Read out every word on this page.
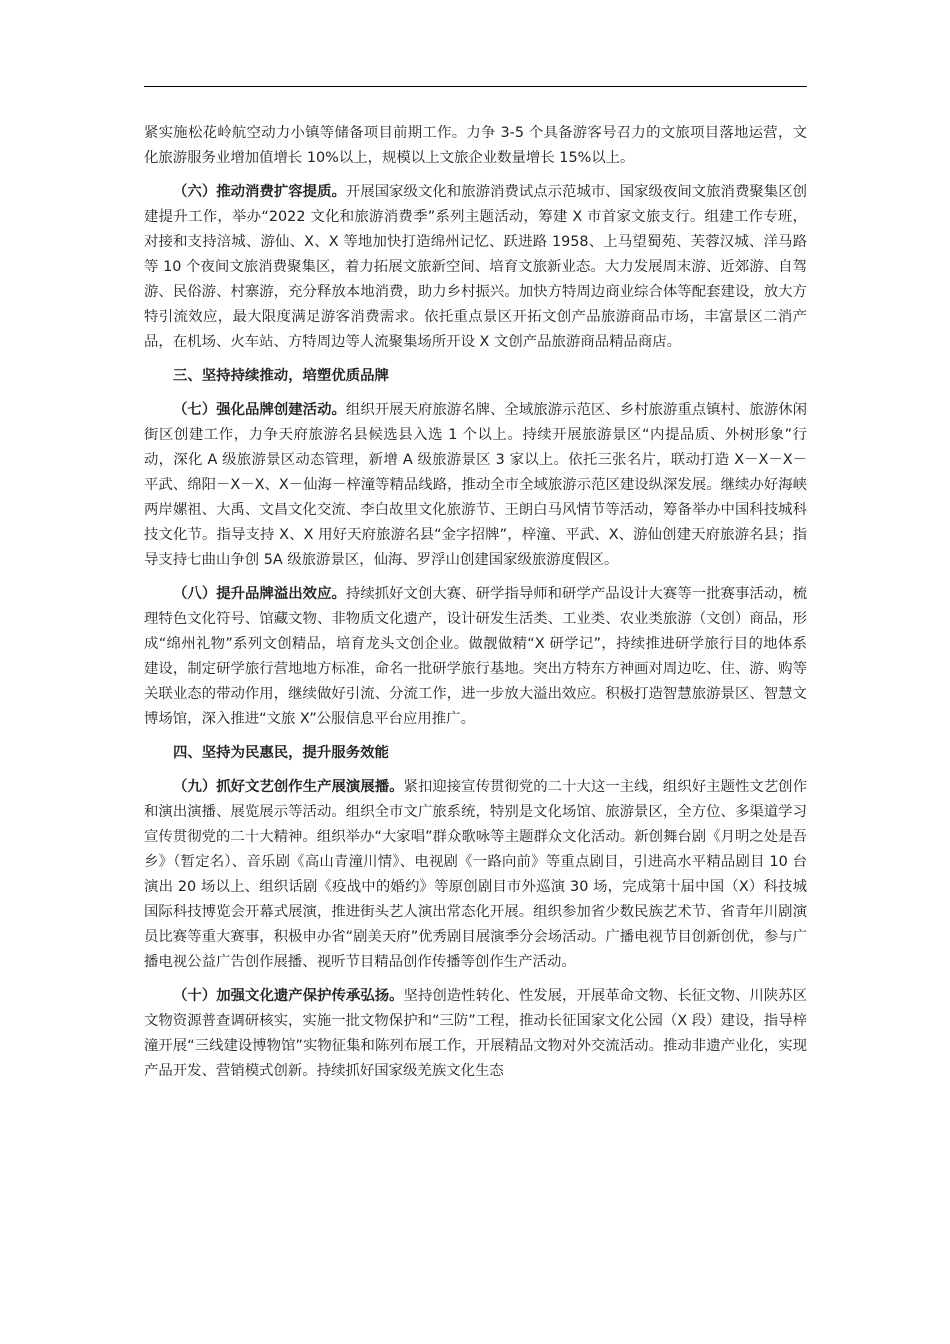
紧实施松花岭航空动力小镇等储备项目前期工作。力争 3-5 个具备游客号召力的文旅项目落地运营，文化旅游服务业增加值增长 10%以上，规模以上文旅企业数量增长 15%以上。

（六）推动消费扩容提质。开展国家级文化和旅游消费试点示范城市、国家级夜间文旅消费聚集区创建提升工作，举办“2022 文化和旅游消费季”系列主题活动，筹建 X 市首家文旅支行。组建工作专班，对接和支持涪城、游仙、X、X 等地加快打造绵州记忆、跃进路 1958、上马望蜀苑、芙蓉汉城、洋马路等 10 个夜间文旅消费聚集区，着力拓展文旅新空间、培育文旅新业态。大力发展周末游、近郊游、自驾游、民俗游、村寨游，充分释放本地消费，助力乡村振兴。加快方特周边商业综合体等配套建设，放大方特引流效应，最大限度满足游客消费需求。依托重点景区开拓文创产品旅游商品市场，丰富景区二消产品，在机场、火车站、方特周边等人流聚集场所开设 X 文创产品旅游商品精品商店。

三、坚持持续推动，培塑优质品牌

（七）强化品牌创建活动。组织开展天府旅游名牌、全域旅游示范区、乡村旅游重点镇村、旅游休闲街区创建工作，力争天府旅游名县候选县入选 1 个以上。持续开展旅游景区“内提品质、外树形象”行动，深化 A 级旅游景区动态管理，新增 A 级旅游景区 3 家以上。依托三张名片，联动打造 X－X－X－平武、绵阳－X－X、X－仙海－梓潼等精品线路，推动全市全域旅游示范区建设纵深发展。继续办好海峡两岸嫘祖、大禹、文昌文化交流、李白故里文化旅游节、王朗白马风情节等活动，筹备举办中国科技城科技文化节。指导支持 X、X 用好天府旅游名县“金字招牌”，梓潼、平武、X、游仙创建天府旅游名县；指导支持七曲山争创 5A 级旅游景区，仙海、罗浮山创建国家级旅游度假区。

（八）提升品牌溢出效应。持续抓好文创大赛、研学指导师和研学产品设计大赛等一批赛事活动，梳理特色文化符号、馆藏文物、非物质文化遗产，设计研发生活类、工业类、农业类旅游（文创）商品，形成“绵州礼物”系列文创精品，培育龙头文创企业。做靓做精“X 研学记”，持续推进研学旅行目的地体系建设，制定研学旅行营地地方标准，命名一批研学旅行基地。突出方特东方神画对周边吃、住、游、购等关联业态的带动作用，继续做好引流、分流工作，进一步放大溢出效应。积极打造智慧旅游景区、智慧文博场馆，深入推进“文旅 X”公服信息平台应用推广。

四、坚持为民惠民，提升服务效能

（九）抓好文艺创作生产展演展播。紧扣迎接宣传贯彻党的二十大这一主线，组织好主题性文艺创作和演出演播、展览展示等活动。组织全市文广旅系统，特别是文化场馆、旅游景区，全方位、多渠道学习宣传贯彻党的二十大精神。组织举办“大家唱”群众歌咏等主题群众文化活动。新创舞台剧《月明之处是吾乡》（暂定名）、音乐剧《高山青潼川情》、电视剧《一路向前》等重点剧目，引进高水平精品剧目 10 台演出 20 场以上、组织话剧《疫战中的婚约》等原创剧目市外巡演 30 场，完成第十届中国（X）科技城国际科技博览会开幕式展演，推进街头艺人演出常态化开展。组织参加省少数民族艺术节、省青年川剧演员比赛等重大赛事，积极申办省“剧美天府”优秀剧目展演季分会场活动。广播电视节目创新创优，参与广播电视公益广告创作展播、视听节目精品创作传播等创作生产活动。

（十）加强文化遗产保护传承弘扬。坚持创造性转化、性发展，开展革命文物、长征文物、川陕苏区文物资源普查调研核实，实施一批文物保护和“三防”工程，推动长征国家文化公园（X 段）建设，指导梓潼开展“三线建设博物馆”实物征集和陈列布展工作，开展精品文物对外交流活动。推动非遗产业化，实现产品开发、营销模式创新。持续抓好国家级羌族文化生态
